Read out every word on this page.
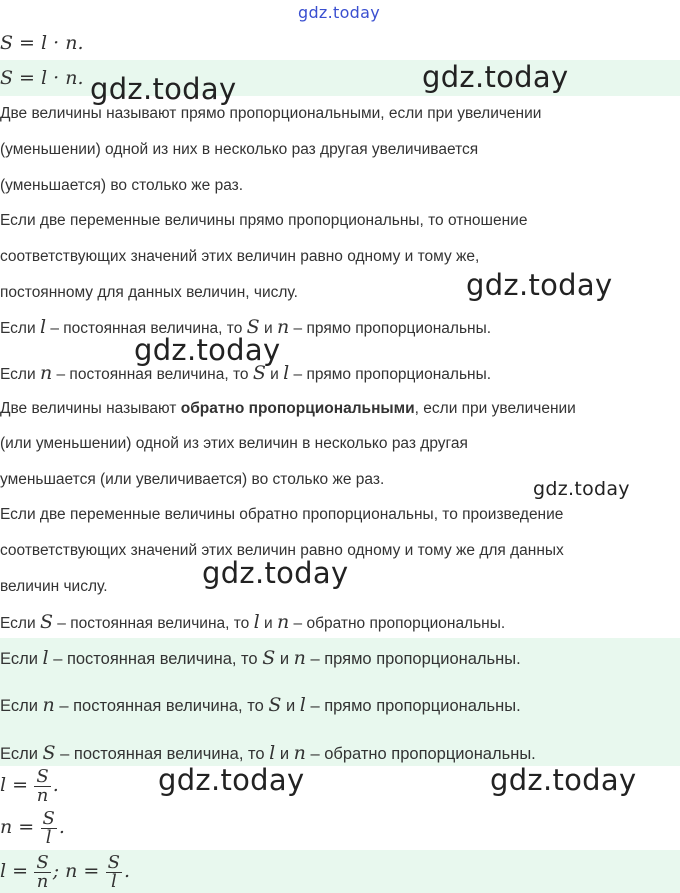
gdz.today
gdz.today	gdz.today
gdz.today
gdz.today
gdz.today
gdz.today
gdz.today	gdz.today
S = l · n.
S = l · n.
Две величины называют прямо пропорциональными, если при увеличении
(уменьшении) одной из них в несколько раз другая увеличивается
(уменьшается) во столько же раз.
Если две переменные величины прямо пропорциональны, то отношение
соответствующих значений этих величин равно одному и тому же,
постоянному для данных величин, числу.
Если l – постоянная величина, то S и n – прямо пропорциональны.
Если n – постоянная величина, то S и l – прямо пропорциональны.
Две величины называют обратно пропорциональными, если при увеличении
(или уменьшении) одной из этих величин в несколько раз другая
уменьшается (или увеличивается) во столько же раз.
Если две переменные величины обратно пропорциональны, то произведение
соответствующих значений этих величин равно одному и тому же для данных
величин числу.
Если S – постоянная величина, то l и n – обратно пропорциональны.
Если l – постоянная величина, то S и n – прямо пропорциональны.
Если n – постоянная величина, то S и l – прямо пропорциональны.
Если S – постоянная величина, то l и n – обратно пропорциональны.
$l = \frac{S}{n}$ .
$n = \frac{S}{l}$ .
$l = \frac{S}{n}$ ; $n = \frac{S}{l}$ .
